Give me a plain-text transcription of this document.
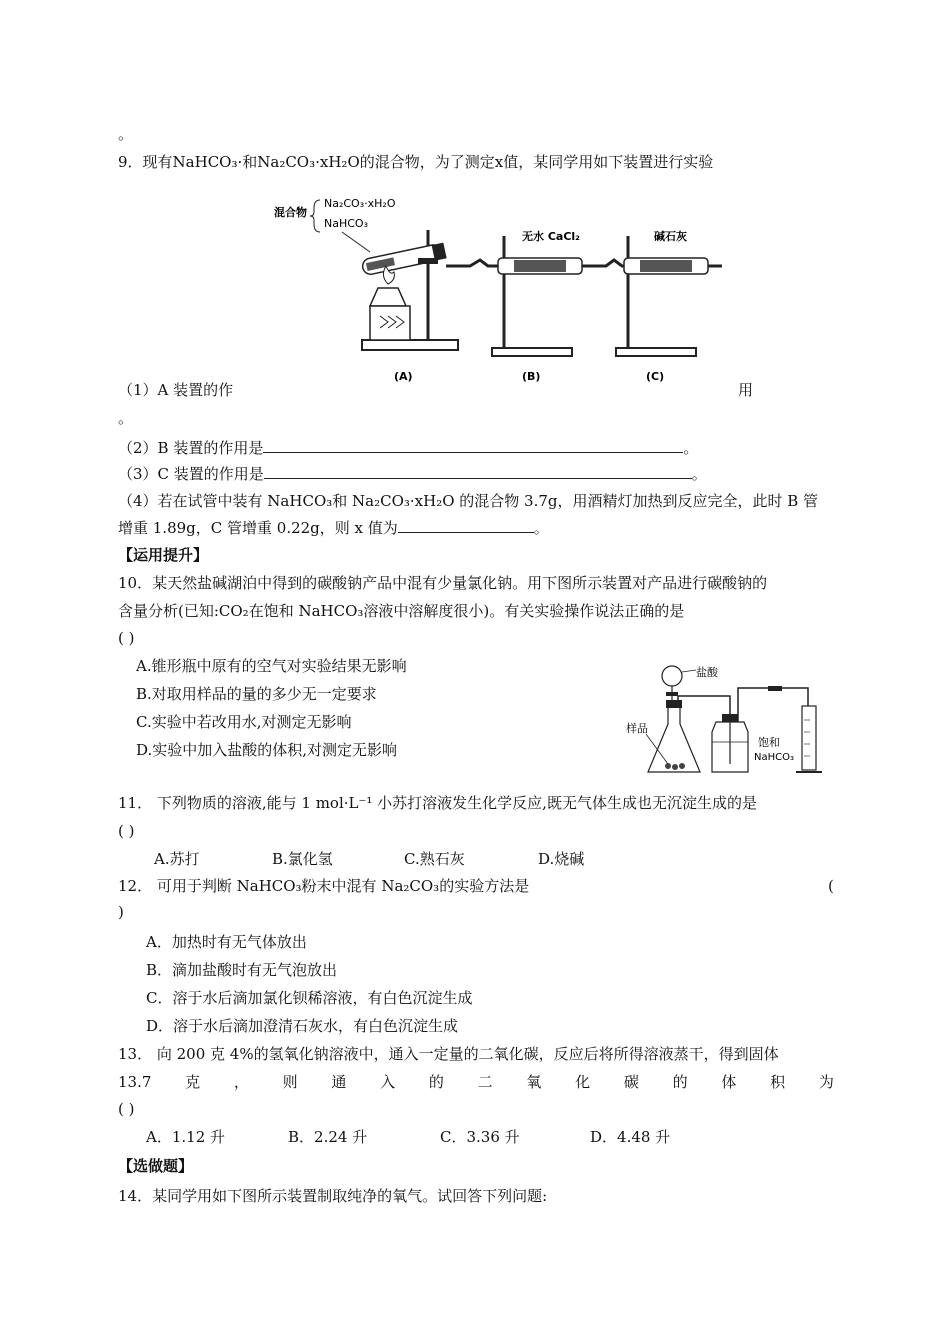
。
9．现有NaHCO₃·和Na₂CO₃·xH₂O的混合物，为了测定x值，某同学用如下装置进行实验
混合物
Na₂CO₃·xH₂O
NaHCO₃
无水 CaCl₂	碱石灰
(A)	(B)	(C)
（1）A 装置的作	用
。
（2）B 装置的作用是	。
（3）C 装置的作用是	。
（4）若在试管中装有 NaHCO₃和 Na₂CO₃·xH₂O 的混合物 3.7g，用酒精灯加热到反应完全，此时 B 管
增重 1.89g，C 管增重 0.22g，则 x 值为	。
【运用提升】
10．某天然盐碱湖泊中得到的碳酸钠产品中混有少量氯化钠。用下图所示装置对产品进行碳酸钠的
含量分析(已知:CO₂在饱和 NaHCO₃溶液中溶解度很小)。有关实验操作说法正确的是
( )
A.锥形瓶中原有的空气对实验结果无影响
B.对取用样品的量的多少无一定要求
C.实验中若改用水,对测定无影响
D.实验中加入盐酸的体积,对测定无影响
盐酸
样品
饱和
NaHCO₃
11． 下列物质的溶液,能与 1 mol·L⁻¹ 小苏打溶液发生化学反应,既无气体生成也无沉淀生成的是
( )
A.苏打	B.氯化氢	C.熟石灰	D.烧碱
12． 可用于判断 NaHCO₃粉末中混有 Na₂CO₃的实验方法是	(
)
A．加热时有无气体放出
B．滴加盐酸时有无气泡放出
C．溶于水后滴加氯化钡稀溶液，有白色沉淀生成
D．溶于水后滴加澄清石灰水，有白色沉淀生成
13． 向 200 克 4%的氢氧化钠溶液中，通入一定量的二氧化碳，反应后将所得溶液蒸干，得到固体
13.7 克 ， 则 通 入 的 二 氧 化 碳 的 体 积 为
( )
A．1.12 升	B．2.24 升	C．3.36 升	D．4.48 升
【选做题】
14．某同学用如下图所示装置制取纯净的氧气。试回答下列问题:
